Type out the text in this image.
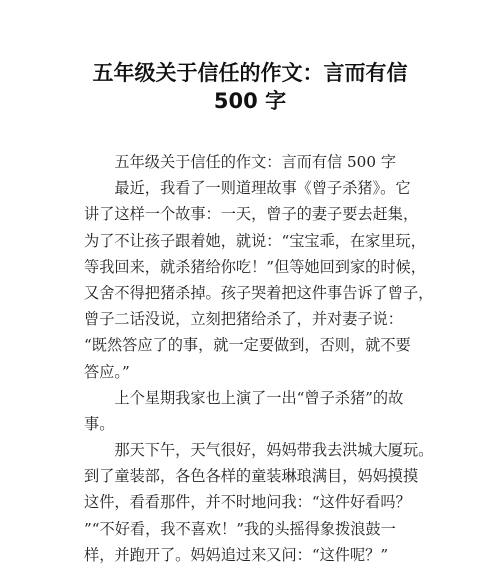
五年级关于信任的作文：言而有信
500 字
　　五年级关于信任的作文：言而有信 500 字
　　最近，我看了一则道理故事《曾子杀猪》。它
讲了这样一个故事：一天，曾子的妻子要去赶集，
为了不让孩子跟着她，就说：“宝宝乖，在家里玩，
等我回来，就杀猪给你吃！”但等她回到家的时候，
又舍不得把猪杀掉。孩子哭着把这件事告诉了曾子，
曾子二话没说，立刻把猪给杀了，并对妻子说：
“既然答应了的事，就一定要做到，否则，就不要
答应。”
　　上个星期我家也上演了一出“曾子杀猪”的故
事。
　　那天下午，天气很好，妈妈带我去洪城大厦玩。
到了童装部，各色各样的童装琳琅满目，妈妈摸摸
这件，看看那件，并不时地问我：“这件好看吗？
”“不好看，我不喜欢！”我的头摇得象拨浪鼓一
样，并跑开了。妈妈追过来又问：“这件呢？”
